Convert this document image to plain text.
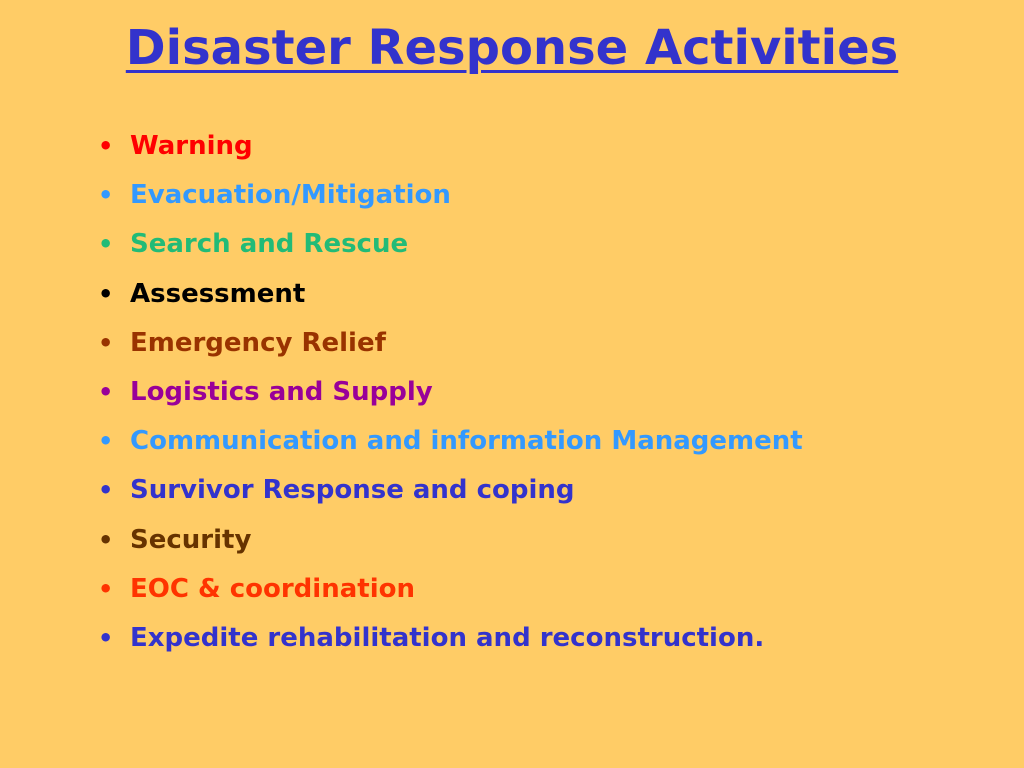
Disaster Response Activities
• Warning
• Evacuation/Mitigation
• Search and Rescue
• Assessment
• Emergency Relief
• Logistics and Supply
• Communication and information Management
• Survivor Response and coping
• Security
• EOC & coordination
• Expedite rehabilitation and reconstruction.
